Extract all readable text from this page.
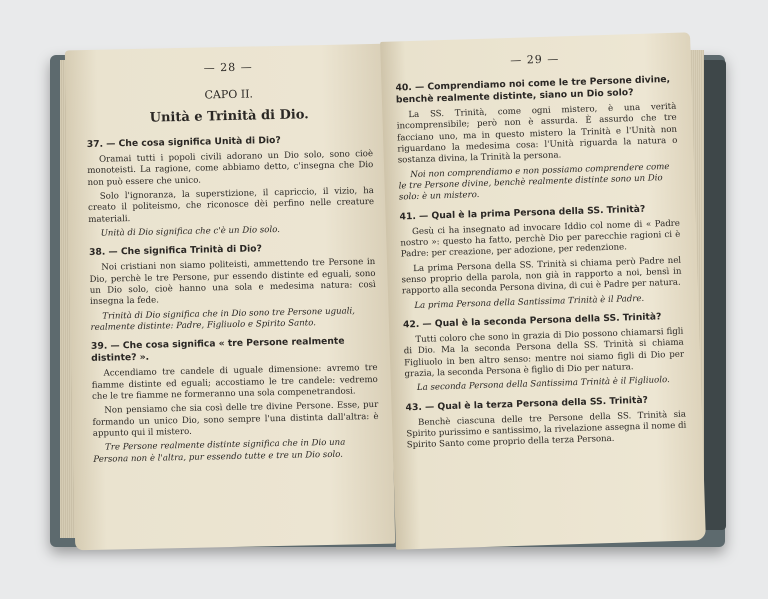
— 28 —
CAPO II.
Unità e Trinità di Dio.
37. — Che cosa significa Unità di Dio?
Oramai tutti i popoli civili adorano un Dio solo, sono cioè monoteisti. La ragione, come abbiamo detto, c'insegna che Dio non può essere che unico.
Solo l'ignoranza, la superstizione, il capriccio, il vizio, ha creato il politeismo, che riconosce dèi perfino nelle creature materiali.
Unità di Dio significa che c'è un Dio solo.
38. — Che significa Trinità di Dio?
Noi cristiani non siamo politeisti, ammettendo tre Persone in Dio, perchè le tre Persone, pur essendo distinte ed eguali, sono un Dio solo, cioè hanno una sola e medesima natura: così insegna la fede.
Trinità di Dio significa che in Dio sono tre Persone uguali, realmente distinte: Padre, Figliuolo e Spirito Santo.
39. — Che cosa significa « tre Persone realmente distinte? ».
Accendiamo tre candele di uguale dimensione: avremo tre fiamme distinte ed eguali; accostiamo le tre candele: vedremo che le tre fiamme ne formeranno una sola compenetrandosi.
Non pensiamo che sia così delle tre divine Persone. Esse, pur formando un unico Dio, sono sempre l'una distinta dall'altra: è appunto qui il mistero.
Tre Persone realmente distinte significa che in Dio una Persona non è l'altra, pur essendo tutte e tre un Dio solo.
— 29 —
40. — Comprendiamo noi come le tre Persone divine, benchè realmente distinte, siano un Dio solo?
La SS. Trinità, come ogni mistero, è una verità incomprensibile; però non è assurda. È assurdo che tre facciano uno, ma in questo mistero la Trinità e l'Unità non riguardano la medesima cosa: l'Unità riguarda la natura o sostanza divina, la Trinità la persona.
Noi non comprendiamo e non possiamo comprendere come le tre Persone divine, benchè realmente distinte sono un Dio solo: è un mistero.
41. — Qual è la prima Persona della SS. Trinità?
Gesù ci ha insegnato ad invocare Iddio col nome di « Padre nostro »: questo ha fatto, perchè Dio per parecchie ragioni ci è Padre: per creazione, per adozione, per redenzione.
La prima Persona della SS. Trinità si chiama però Padre nel senso proprio della parola, non già in rapporto a noi, bensì in rapporto alla seconda Persona divina, di cui è Padre per natura.
La prima Persona della Santissima Trinità è il Padre.
42. — Qual è la seconda Persona della SS. Trinità?
Tutti coloro che sono in grazia di Dio possono chiamarsi figli di Dio. Ma la seconda Persona della SS. Trinità si chiama Figliuolo in ben altro senso: mentre noi siamo figli di Dio per grazia, la seconda Persona è figlio di Dio per natura.
La seconda Persona della Santissima Trinità è il Figliuolo.
43. — Qual è la terza Persona della SS. Trinità?
Benchè ciascuna delle tre Persone della SS. Trinità sia Spirito purissimo e santissimo, la rivelazione assegna il nome di Spirito Santo come proprio della terza Persona.
